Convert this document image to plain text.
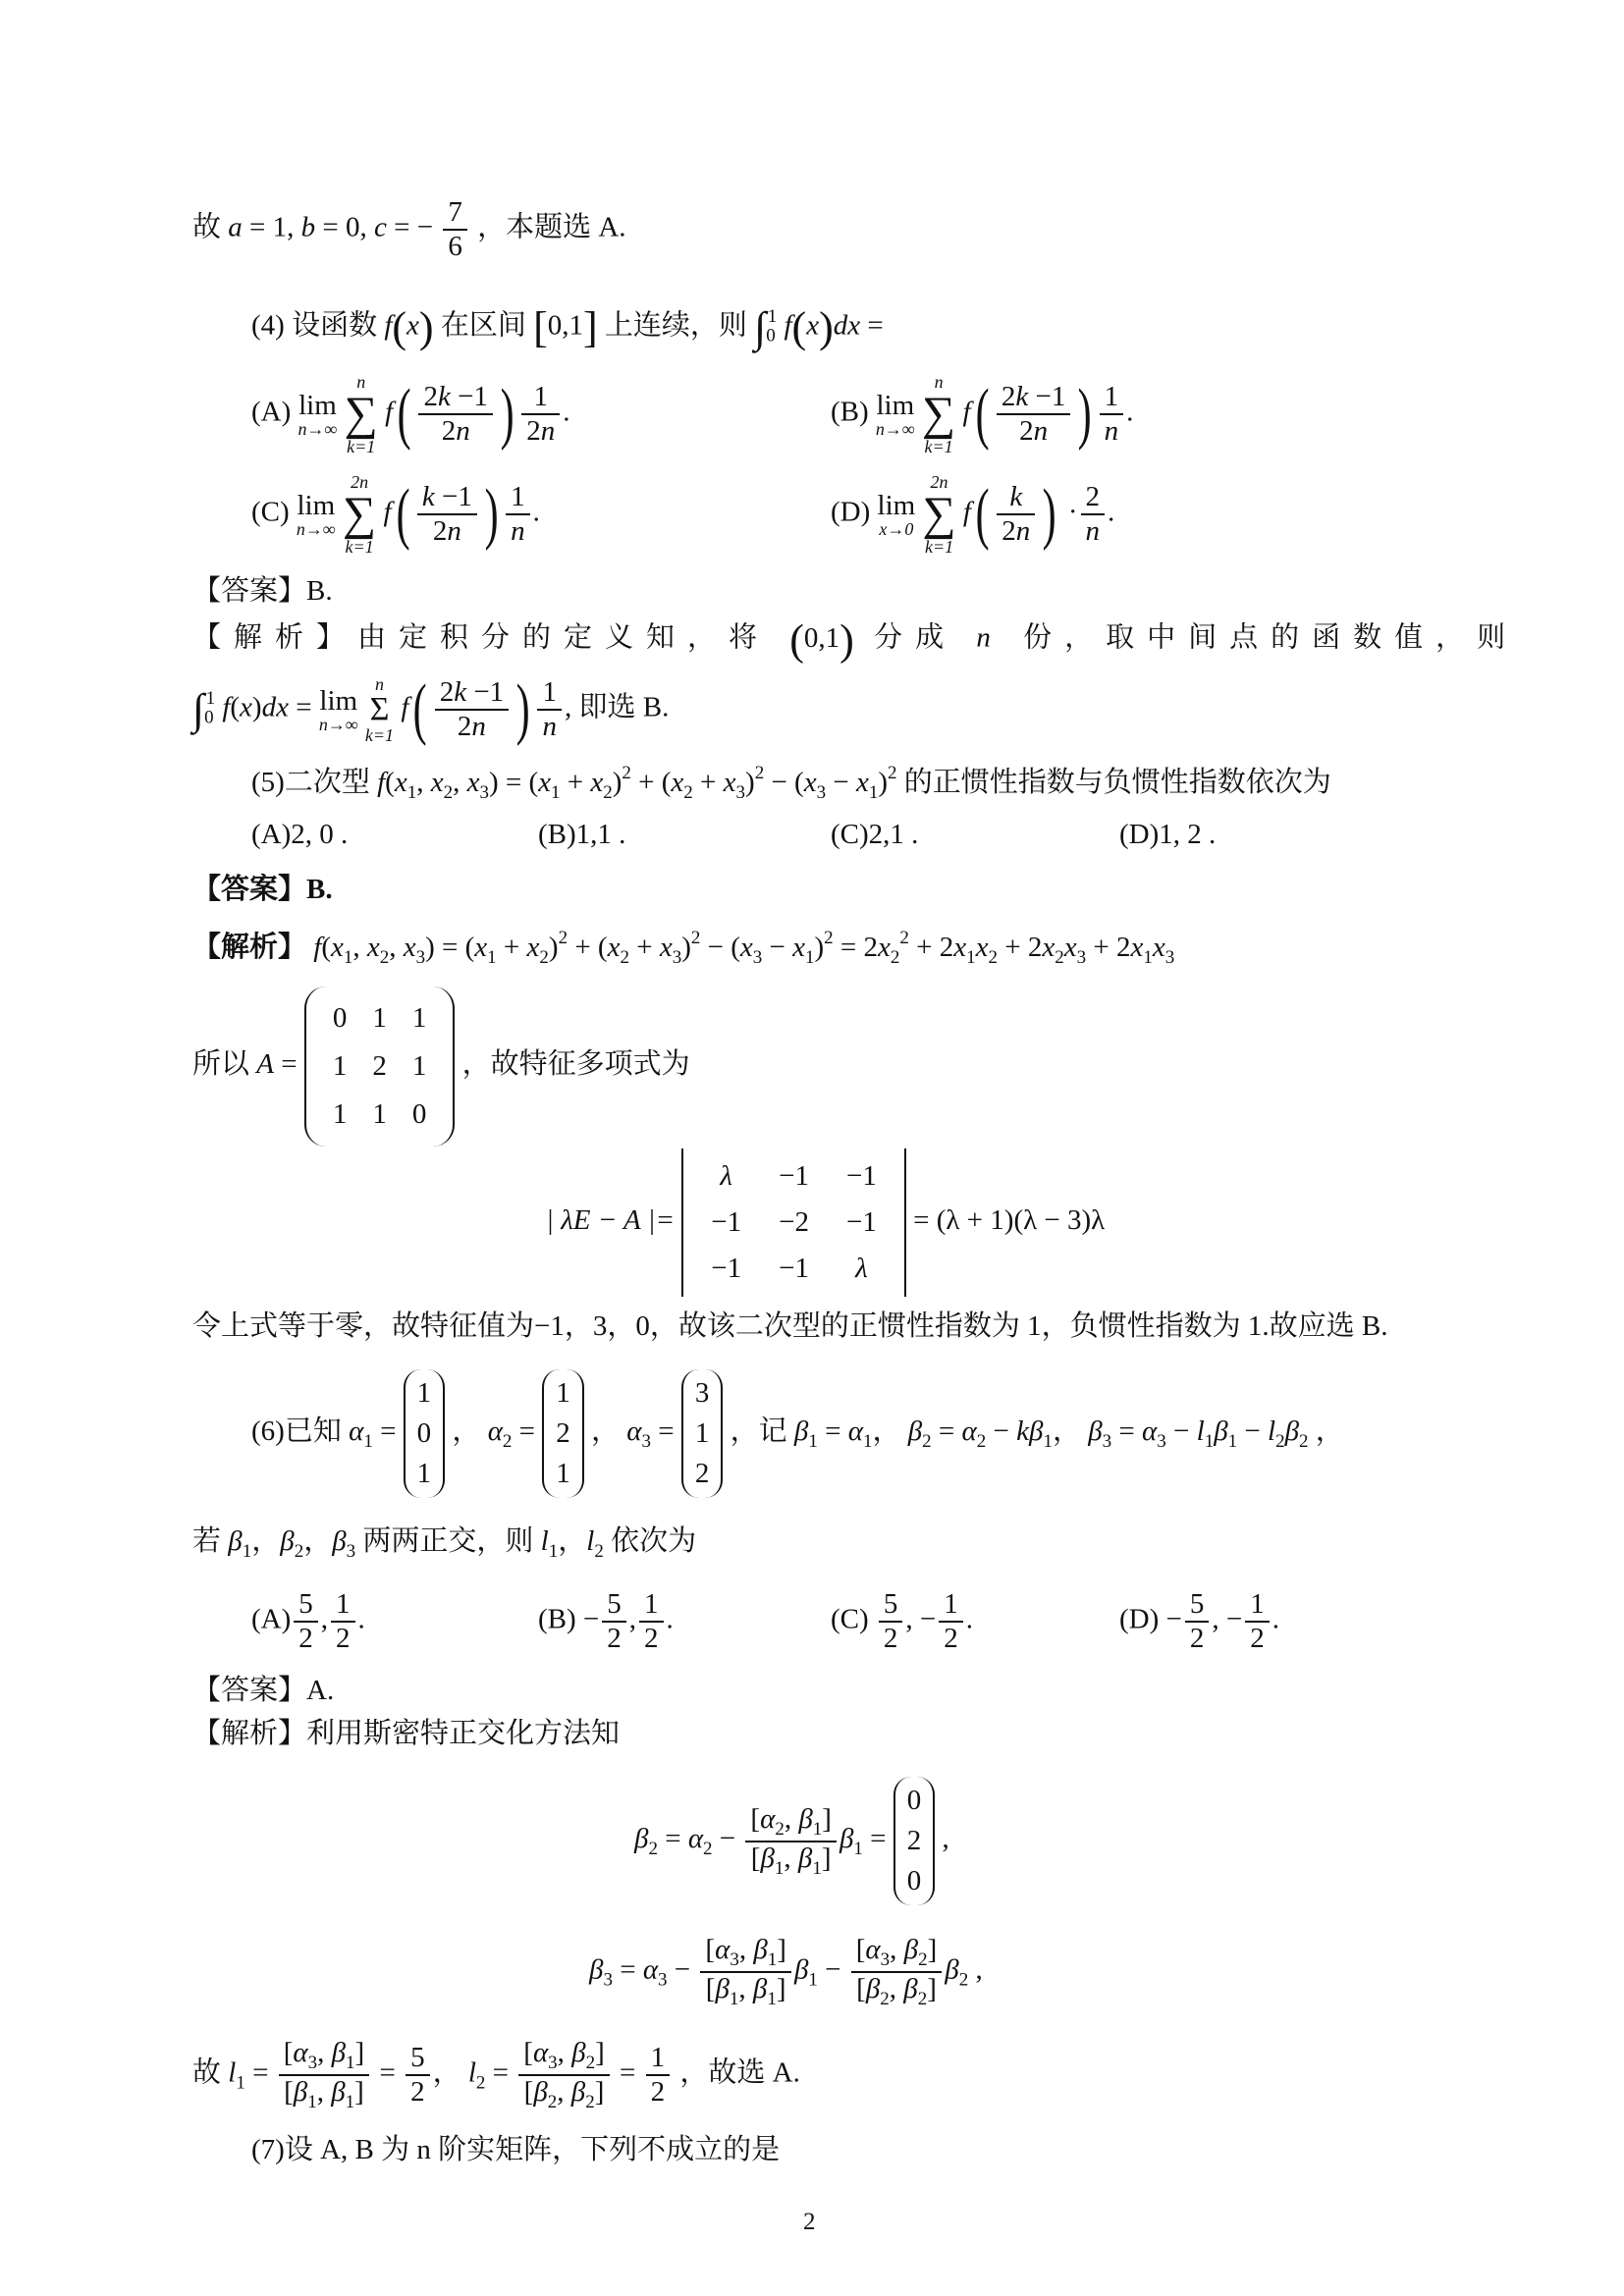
故 a = 1, b = 0, c = − $\frac{7}{6}$ ，本题选 A.
(4) 设函数 f(x) 在区间 [0,1] 上连续，则 $\int_0^1$ f(x)dx =
(A) lim
n→∞

n
∑
k=1
$f( \frac{2k -1}{2n}$ ) $\frac{1}{2n}$ .	(B) lim
n→∞

n
∑
k=1
$f( \frac{2k -1}{2n}$ ) $\frac{1}{n}$ .
(C) lim
n→∞

2n
∑
k=1
$f( \frac{k -1}{2n}$ ) $\frac{1}{n}$ .	(D) lim
x→0

2n
∑
k=1
$f( \frac{k}{2n}$ ) · $\frac{2}{n}$ .
【答案】B.
【解析】由定积分的定义知，将 (0,1) 分成 n 份，取中间点的函数值，则
$\int_0^1$ f(x)dx = lim
n→∞

n
Σ
k=1
$f( \frac{2k -1}{2n}$ ) $\frac{1}{n}$ , 即选 B.
(5)二次型 $f(x_1$, $x_2$, $x_3) = (x_1 + x_2)^2 + (x_2 + x_3)^2 - (x_3 - x_1)^2$ 的正惯性指数与负惯性指数依次为
(A)2, 0 .	(B)1,1 .	(C)2,1 .	(D)1, 2 .
【答案】B.
【解析】 $f(x_1$, $x_2$, $x_3) = (x_1 + x_2)^2 + (x_2 + x_3)^2 - (x_3 - x_1)^2 = 2x_2^2 + 2x_1x_2 + 2x_2x_3 + 2x_1x_3$
所以 A =
0	1	1
1	2	1
1	1	0
，故特征多项式为
| λE − A |=
λ	−1	−1
−1	−2	−1
−1	−1	λ
= (λ + 1)(λ − 3)λ
令上式等于零，故特征值为−1，3，0，故该二次型的正惯性指数为 1，负惯性指数为 1.故应选 B.
(6)已知 $\alpha_1$ =
1
0
1
， $\alpha_2$ =
1
2
1
， $\alpha_3$ =
3
1
2
，记 $\beta_1 = \alpha_1$， $\beta_2 = \alpha_2 - k\beta_1$， $\beta_3 = \alpha_3 - l_1\beta_1 - l_2\beta_2$ ，
若 $\beta_1$，$\beta_2$，$\beta_3$ 两两正交，则 $l_1$，$l_2$ 依次为
$(A) \frac{5}{2}$ , $\frac{1}{2}$ .	$(B) - \frac{5}{2}$ , $\frac{1}{2}$ .	$(C) \frac{5}{2}$ , − $\frac{1}{2}$ .	$(D) - \frac{5}{2}$ , − $\frac{1}{2}$ .
【答案】A.
【解析】利用斯密特正交化方法知
$\beta_2 = \alpha_2 - \frac{[\alpha_2, \beta_1]}{[\beta_1, \beta_1]} \beta_1$ =
0
2
0
,
$\beta_3 = \alpha_3 - \frac{[\alpha_3, \beta_1]}{[\beta_1, \beta_1]} \beta_1 - \frac{[\alpha_3, \beta_2]}{[\beta_2, \beta_2]} \beta_2$ ,
故 $l_1 = \frac{[\alpha_3, \beta_1]}{[\beta_1, \beta_1]} = \frac{5}{2}$ ， $l_2 = \frac{[\alpha_3, \beta_2]}{[\beta_2, \beta_2]} = \frac{1}{2}$ ，故选 A.
(7)设 A, B 为 n 阶实矩阵，下列不成立的是
2
